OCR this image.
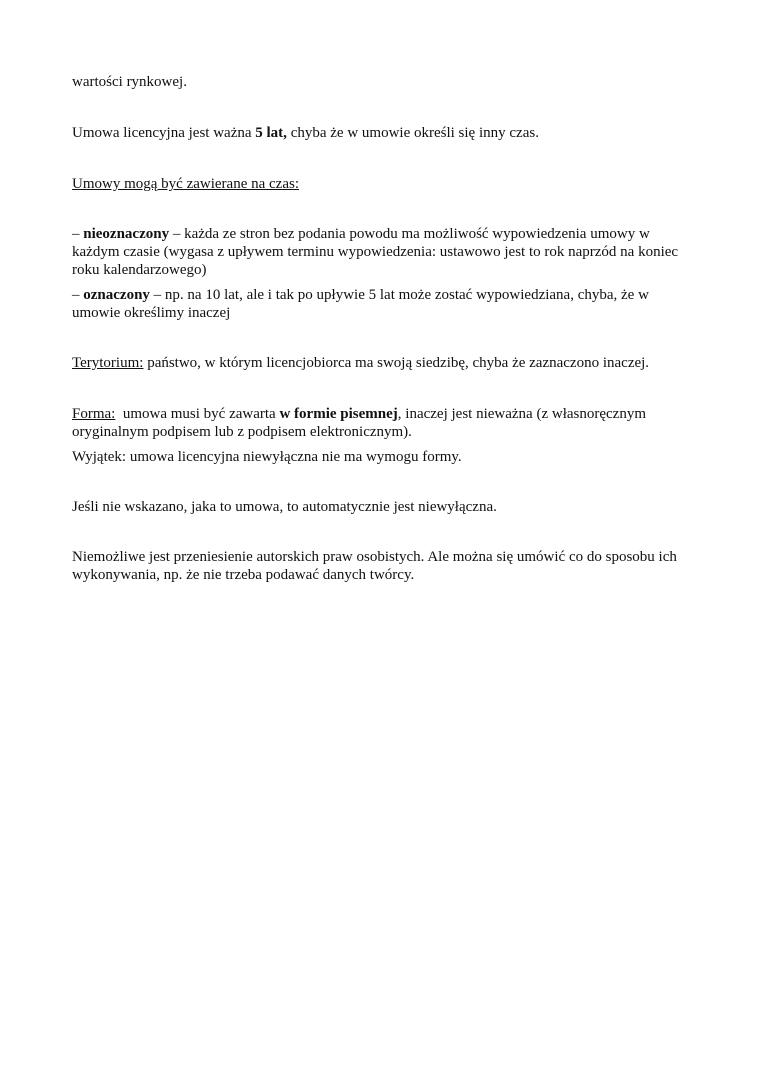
wartości rynkowej.

Umowa licencyjna jest ważna 5 lat, chyba że w umowie określi się inny czas.

Umowy mogą być zawierane na czas:

– nieoznaczony – każda ze stron bez podania powodu ma możliwość wypowiedzenia umowy w każdym czasie (wygasa z upływem terminu wypowiedzenia: ustawowo jest to rok naprzód na koniec roku kalendarzowego)

– oznaczony – np. na 10 lat, ale i tak po upływie 5 lat może zostać wypowiedziana, chyba, że w umowie określimy inaczej

Terytorium: państwo, w którym licencjobiorca ma swoją siedzibę, chyba że zaznaczono inaczej.

Forma:  umowa musi być zawarta w formie pisemnej, inaczej jest nieważna (z własnoręcznym oryginalnym podpisem lub z podpisem elektronicznym).

Wyjątek: umowa licencyjna niewyłączna nie ma wymogu formy.

Jeśli nie wskazano, jaka to umowa, to automatycznie jest niewyłączna.

Niemożliwe jest przeniesienie autorskich praw osobistych. Ale można się umówić co do sposobu ich wykonywania, np. że nie trzeba podawać danych twórcy.
